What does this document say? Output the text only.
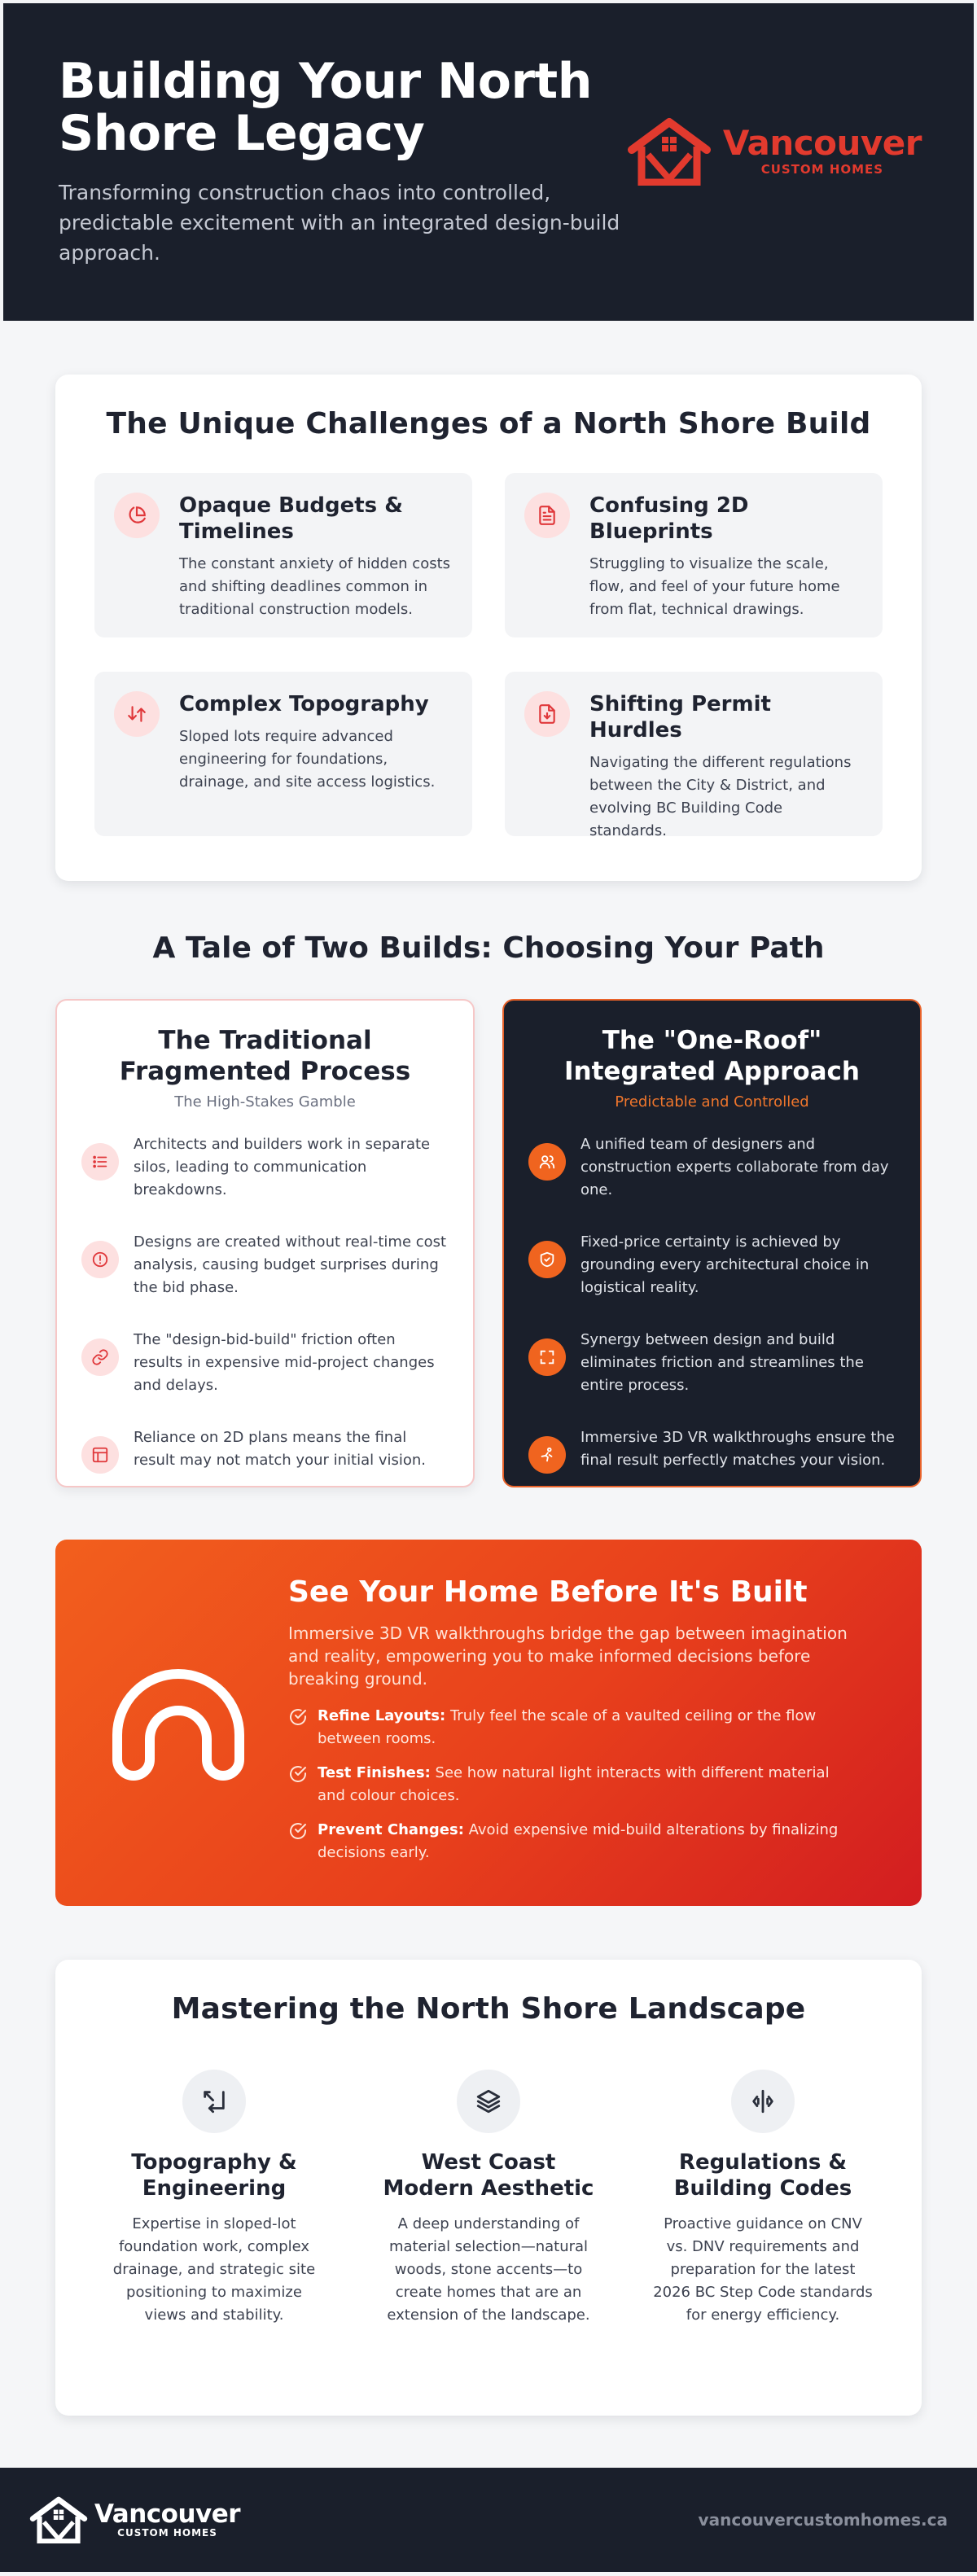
Building Your North Shore Legacy

Transforming construction chaos into controlled, predictable excitement with an integrated design-build approach.

Vancouver
CUSTOM HOMES
The Unique Challenges of a North Shore Build
Opaque Budgets & Timelines
The constant anxiety of hidden costs and shifting deadlines common in traditional construction models.
Confusing 2D Blueprints
Struggling to visualize the scale, flow, and feel of your future home from flat, technical drawings.
Complex Topography
Sloped lots require advanced engineering for foundations, drainage, and site access logistics.
Shifting Permit Hurdles
Navigating the different regulations between the City & District, and evolving BC Building Code standards.
A Tale of Two Builds: Choosing Your Path
The Traditional Fragmented Process
The High-Stakes Gamble
Architects and builders work in separate silos, leading to communication breakdowns.
Designs are created without real-time cost analysis, causing budget surprises during the bid phase.
The "design-bid-build" friction often results in expensive mid-project changes and delays.
Reliance on 2D plans means the final result may not match your initial vision.
The "One-Roof" Integrated Approach
Predictable and Controlled
A unified team of designers and construction experts collaborate from day one.
Fixed-price certainty is achieved by grounding every architectural choice in logistical reality.
Synergy between design and build eliminates friction and streamlines the entire process.
Immersive 3D VR walkthroughs ensure the final result perfectly matches your vision.
See Your Home Before It's Built

Immersive 3D VR walkthroughs bridge the gap between imagination and reality, empowering you to make informed decisions before breaking ground.

Refine Layouts: Truly feel the scale of a vaulted ceiling or the flow between rooms.
Test Finishes: See how natural light interacts with different material and colour choices.
Prevent Changes: Avoid expensive mid-build alterations by finalizing decisions early.
Mastering the North Shore Landscape
Topography & Engineering
Expertise in sloped-lot foundation work, complex drainage, and strategic site positioning to maximize views and stability.
West Coast Modern Aesthetic
A deep understanding of material selection—natural woods, stone accents—to create homes that are an extension of the landscape.
Regulations & Building Codes
Proactive guidance on CNV vs. DNV requirements and preparation for the latest 2026 BC Step Code standards for energy efficiency.
Vancouver
CUSTOM HOMES
vancouvercustomhomes.ca
